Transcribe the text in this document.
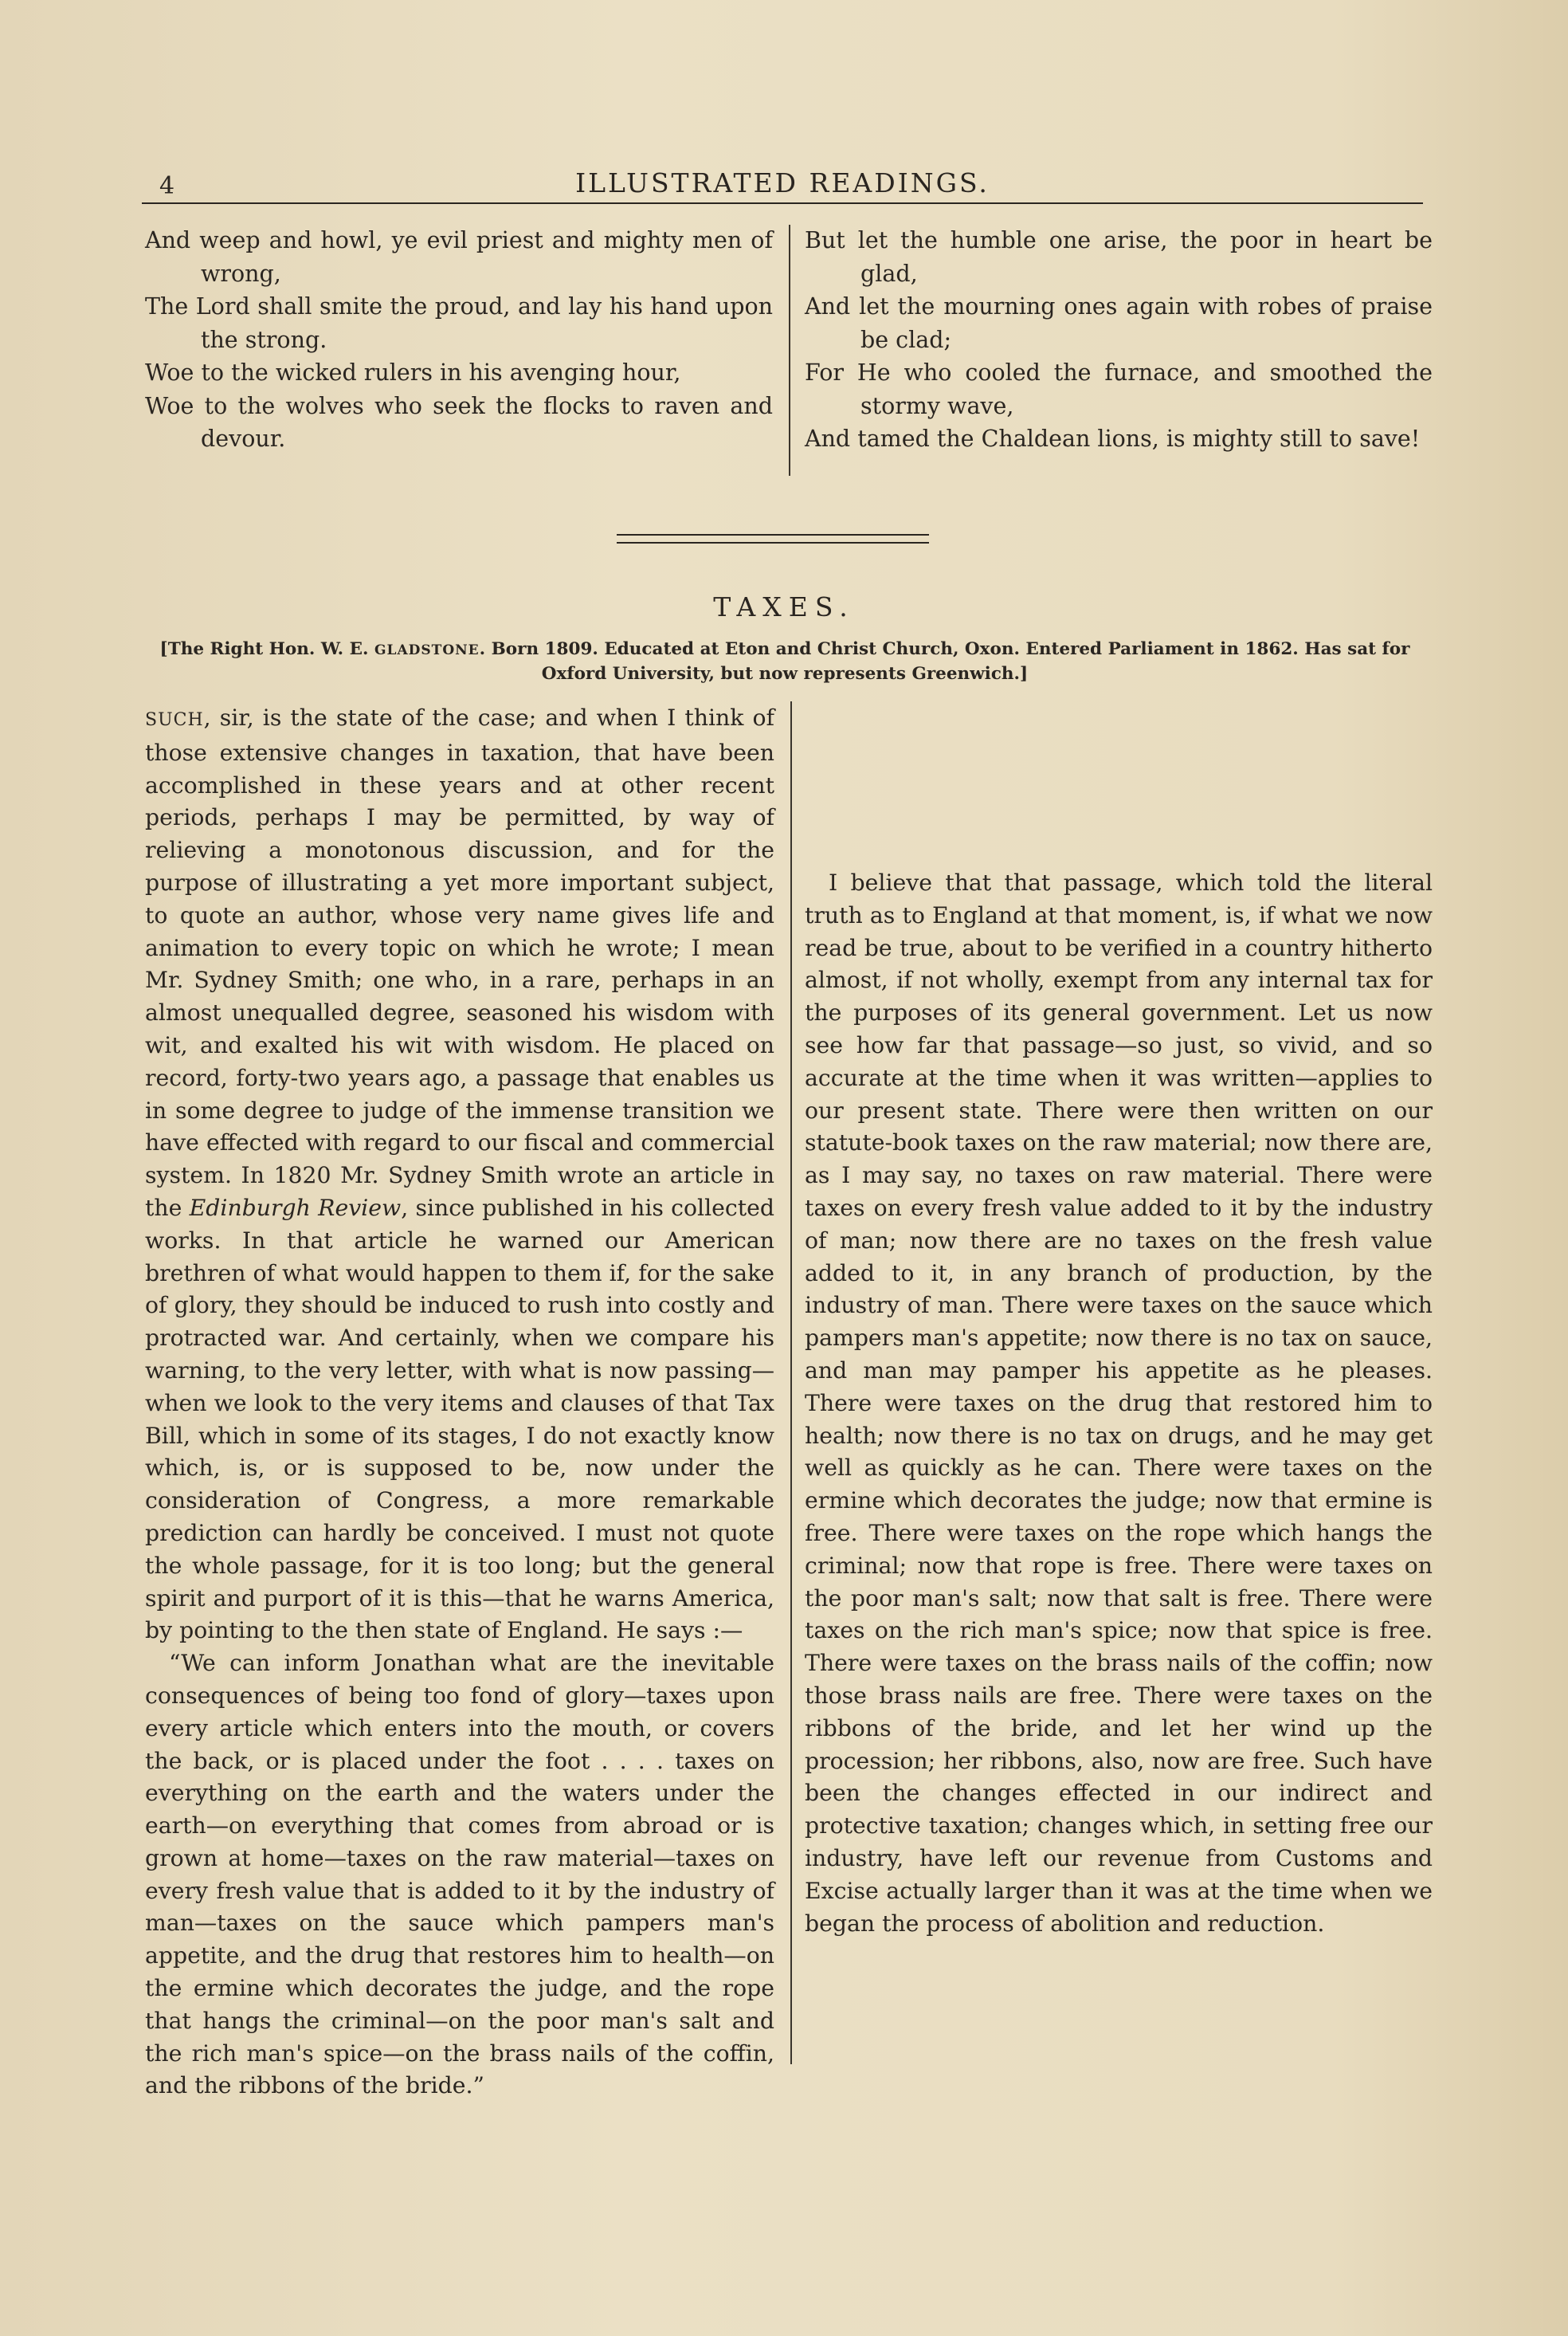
4	ILLUSTRATED READINGS.
And weep and howl, ye evil priest and mighty men of wrong,
The Lord shall smite the proud, and lay his hand upon the strong.
Woe to the wicked rulers in his avenging hour,
Woe to the wolves who seek the flocks to raven and devour.
But let the humble one arise, the poor in heart be glad,
And let the mourning ones again with robes of praise be clad;
For He who cooled the furnace, and smoothed the stormy wave,
And tamed the Chaldean lions, is mighty still to save!
TAXES.
[The Right Hon. W. E. GLADSTONE. Born 1809. Educated at Eton and Christ Church, Oxon. Entered Parliament in 1862. Has sat for Oxford University, but now represents Greenwich.]

SUCH, sir, is the state of the case; and when I think of those extensive changes in taxation, that have been accomplished in these years and at other recent periods, perhaps I may be permitted, by way of relieving a monotonous discussion, and for the purpose of illustrating a yet more important subject, to quote an author, whose very name gives life and animation to every topic on which he wrote; I mean Mr. Sydney Smith; one who, in a rare, perhaps in an almost unequalled degree, seasoned his wisdom with wit, and exalted his wit with wisdom. He placed on record, forty-two years ago, a passage that enables us in some degree to judge of the immense transition we have effected with regard to our fiscal and commercial system. In 1820 Mr. Sydney Smith wrote an article in the Edinburgh Review, since published in his collected works. In that article he warned our American brethren of what would happen to them if, for the sake of glory, they should be induced to rush into costly and protracted war. And certainly, when we compare his warning, to the very letter, with what is now passing—when we look to the very items and clauses of that Tax Bill, which in some of its stages, I do not exactly know which, is, or is supposed to be, now under the consideration of Congress, a more remarkable prediction can hardly be conceived. I must not quote the whole passage, for it is too long; but the general spirit and purport of it is this—that he warns America, by pointing to the then state of England. He says :—

“We can inform Jonathan what are the inevitable consequences of being too fond of glory—taxes upon every article which enters into the mouth, or covers the back, or is placed under the foot . . . . taxes on everything on the earth and the waters under the earth—on everything that comes from abroad or is grown at home—taxes on the raw material—taxes on every fresh value that is added to it by the industry of man—taxes on the sauce which pampers man's appetite, and the drug that restores him to health—on the ermine which decorates the judge, and the rope that hangs the criminal—on the poor man's salt and the rich man's spice—on the brass nails of the coffin, and the ribbons of the bride.”

I believe that that passage, which told the literal truth as to England at that moment, is, if what we now read be true, about to be verified in a country hitherto almost, if not wholly, exempt from any internal tax for the purposes of its general government. Let us now see how far that passage—so just, so vivid, and so accurate at the time when it was written—applies to our present state. There were then written on our statute-book taxes on the raw material; now there are, as I may say, no taxes on raw material. There were taxes on every fresh value added to it by the industry of man; now there are no taxes on the fresh value added to it, in any branch of production, by the industry of man. There were taxes on the sauce which pampers man's appetite; now there is no tax on sauce, and man may pamper his appetite as he pleases. There were taxes on the drug that restored him to health; now there is no tax on drugs, and he may get well as quickly as he can. There were taxes on the ermine which decorates the judge; now that ermine is free. There were taxes on the rope which hangs the criminal; now that rope is free. There were taxes on the poor man's salt; now that salt is free. There were taxes on the rich man's spice; now that spice is free. There were taxes on the brass nails of the coffin; now those brass nails are free. There were taxes on the ribbons of the bride, and let her wind up the procession; her ribbons, also, now are free. Such have been the changes effected in our indirect and protective taxation; changes which, in setting free our industry, have left our revenue from Customs and Excise actually larger than it was at the time when we began the process of abolition and reduction.
